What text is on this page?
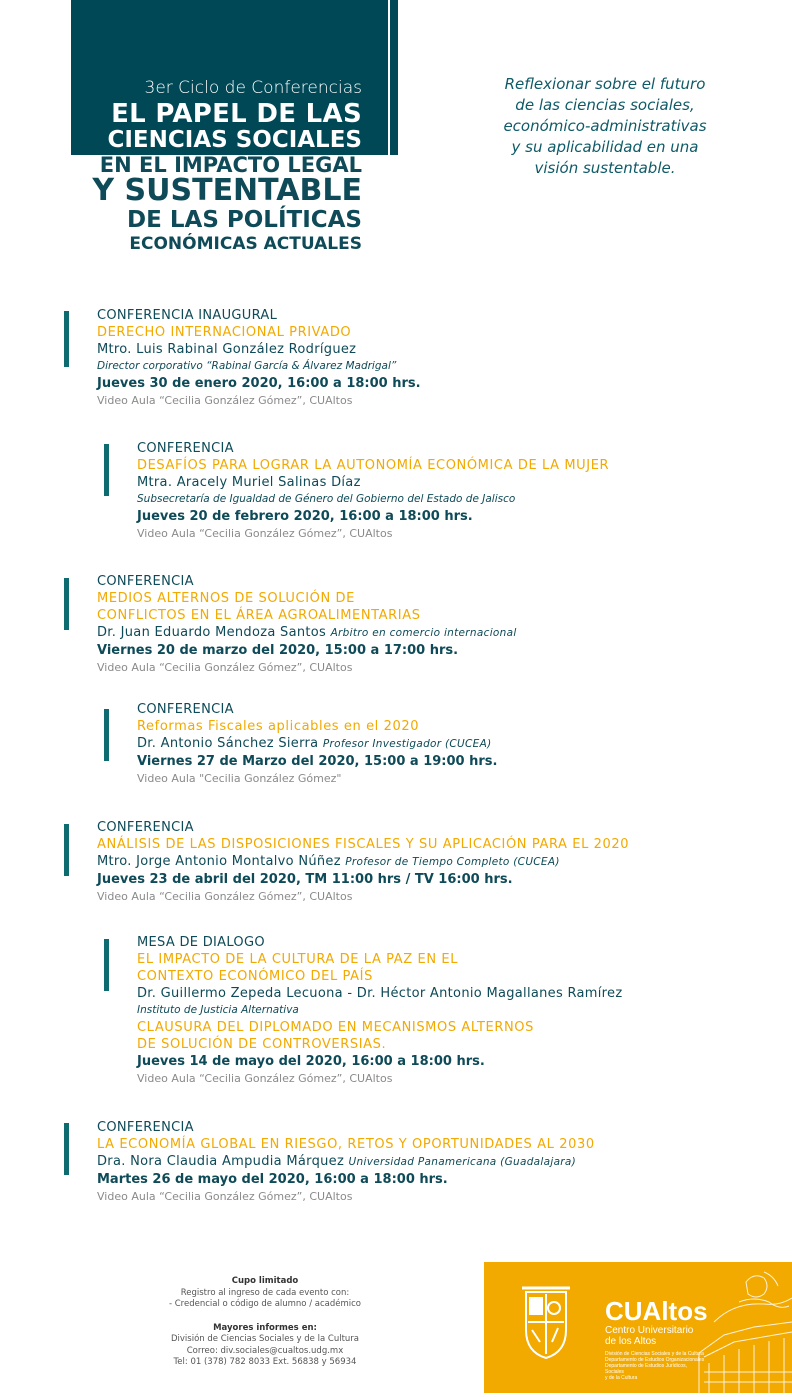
3er Ciclo de Conferencias
EL PAPEL DE LAS
CIENCIAS SOCIALES
EN EL IMPACTO LEGAL
Y SUSTENTABLE
DE LAS POLÍTICAS
ECONÓMICAS ACTUALES
Reflexionar sobre el futuro
de las ciencias sociales,
económico-administrativas
y su aplicabilidad en una
visión sustentable.
CONFERENCIA INAUGURAL
DERECHO INTERNACIONAL PRIVADO
Mtro. Luis Rabinal González Rodríguez
Director corporativo “Rabinal García & Álvarez Madrigal”
Jueves 30 de enero 2020, 16:00 a 18:00 hrs.
Video Aula “Cecilia González Gómez”, CUAltos
CONFERENCIA
DESAFÍOS PARA LOGRAR LA AUTONOMÍA ECONÓMICA DE LA MUJER
Mtra. Aracely Muriel Salinas Díaz
Subsecretaría de Igualdad de Género del Gobierno del Estado de Jalisco
Jueves 20 de febrero 2020, 16:00 a 18:00 hrs.
Video Aula “Cecilia González Gómez”, CUAltos
CONFERENCIA
MEDIOS ALTERNOS DE SOLUCIÓN DE
CONFLICTOS EN EL ÁREA AGROALIMENTARIAS
Dr. Juan Eduardo Mendoza Santos Arbitro en comercio internacional
Viernes 20 de marzo del 2020, 15:00 a 17:00 hrs.
Video Aula “Cecilia González Gómez”, CUAltos
CONFERENCIA
Reformas Fiscales aplicables en el 2020
Dr. Antonio Sánchez Sierra Profesor Investigador (CUCEA)
Viernes 27 de Marzo del 2020, 15:00 a 19:00 hrs.
Video Aula "Cecilia González Gómez"
CONFERENCIA
ANÁLISIS DE LAS DISPOSICIONES FISCALES Y SU APLICACIÓN PARA EL 2020
Mtro. Jorge Antonio Montalvo Núñez Profesor de Tiempo Completo (CUCEA)
Jueves 23 de abril del 2020, TM 11:00 hrs / TV 16:00 hrs.
Video Aula “Cecilia González Gómez”, CUAltos
MESA DE DIALOGO
EL IMPACTO DE LA CULTURA DE LA PAZ EN EL
CONTEXTO ECONÓMICO DEL PAÍS
Dr. Guillermo Zepeda Lecuona - Dr. Héctor Antonio Magallanes Ramírez
Instituto de Justicia Alternativa
CLAUSURA DEL DIPLOMADO EN MECANISMOS ALTERNOS
DE SOLUCIÓN DE CONTROVERSIAS.
Jueves 14 de mayo del 2020, 16:00 a 18:00 hrs.
Video Aula “Cecilia González Gómez”, CUAltos
CONFERENCIA
LA ECONOMÍA GLOBAL EN RIESGO, RETOS Y OPORTUNIDADES AL 2030
Dra. Nora Claudia Ampudia Márquez Universidad Panamericana (Guadalajara)
Martes 26 de mayo del 2020, 16:00 a 18:00 hrs.
Video Aula “Cecilia González Gómez”, CUAltos
Cupo limitado
Registro al ingreso de cada evento con:
- Credencial o código de alumno / académico
Mayores informes en:
División de Ciencias Sociales y de la Cultura
Correo: div.sociales@cualtos.udg.mx
Tel: 01 (378) 782 8033 Ext. 56838 y 56934
CUAltos
Centro Universitario
de los Altos
División de Ciencias Sociales y de la Cultura
Departamento de Estudios Organizacionales
Departamento de Estudios Jurídicos, Sociales
y de la Cultura
